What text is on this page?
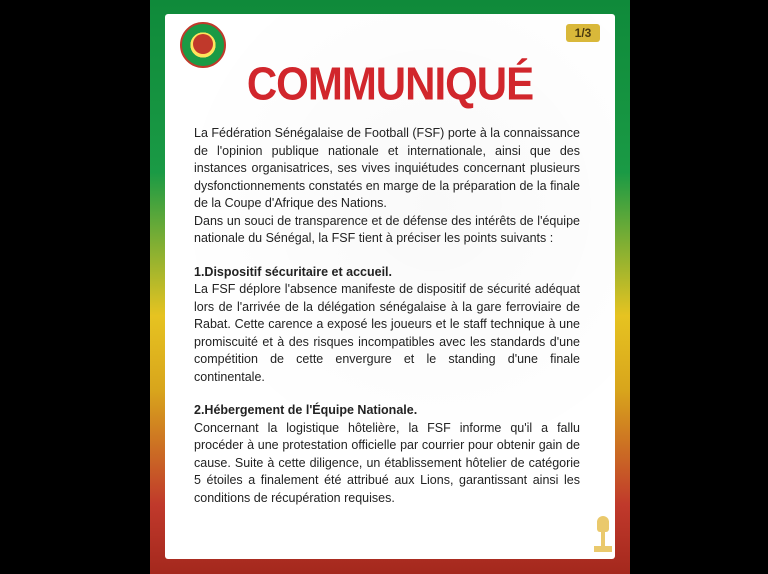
1/3
COMMUNIQUÉ

La Fédération Sénégalaise de Football (FSF) porte à la connaissance de l'opinion publique nationale et internationale, ainsi que des instances organisatrices, ses vives inquiétudes concernant plusieurs dysfonctionnements constatés en marge de la préparation de la finale de la Coupe d'Afrique des Nations.

Dans un souci de transparence et de défense des intérêts de l'équipe nationale du Sénégal, la FSF tient à préciser les points suivants :

1.Dispositif sécuritaire et accueil.

La FSF déplore l'absence manifeste de dispositif de sécurité adéquat lors de l'arrivée de la délégation sénégalaise à la gare ferroviaire de Rabat. Cette carence a exposé les joueurs et le staff technique à une promiscuité et à des risques incompatibles avec les standards d'une compétition de cette envergure et le standing d'une finale continentale.

2.Hébergement de l'Équipe Nationale.

Concernant la logistique hôtelière, la FSF informe qu'il a fallu procéder à une protestation officielle par courrier pour obtenir gain de cause. Suite à cette diligence, un établissement hôtelier de catégorie 5 étoiles a finalement été attribué aux Lions, garantissant ainsi les conditions de récupération requises.

CAF
